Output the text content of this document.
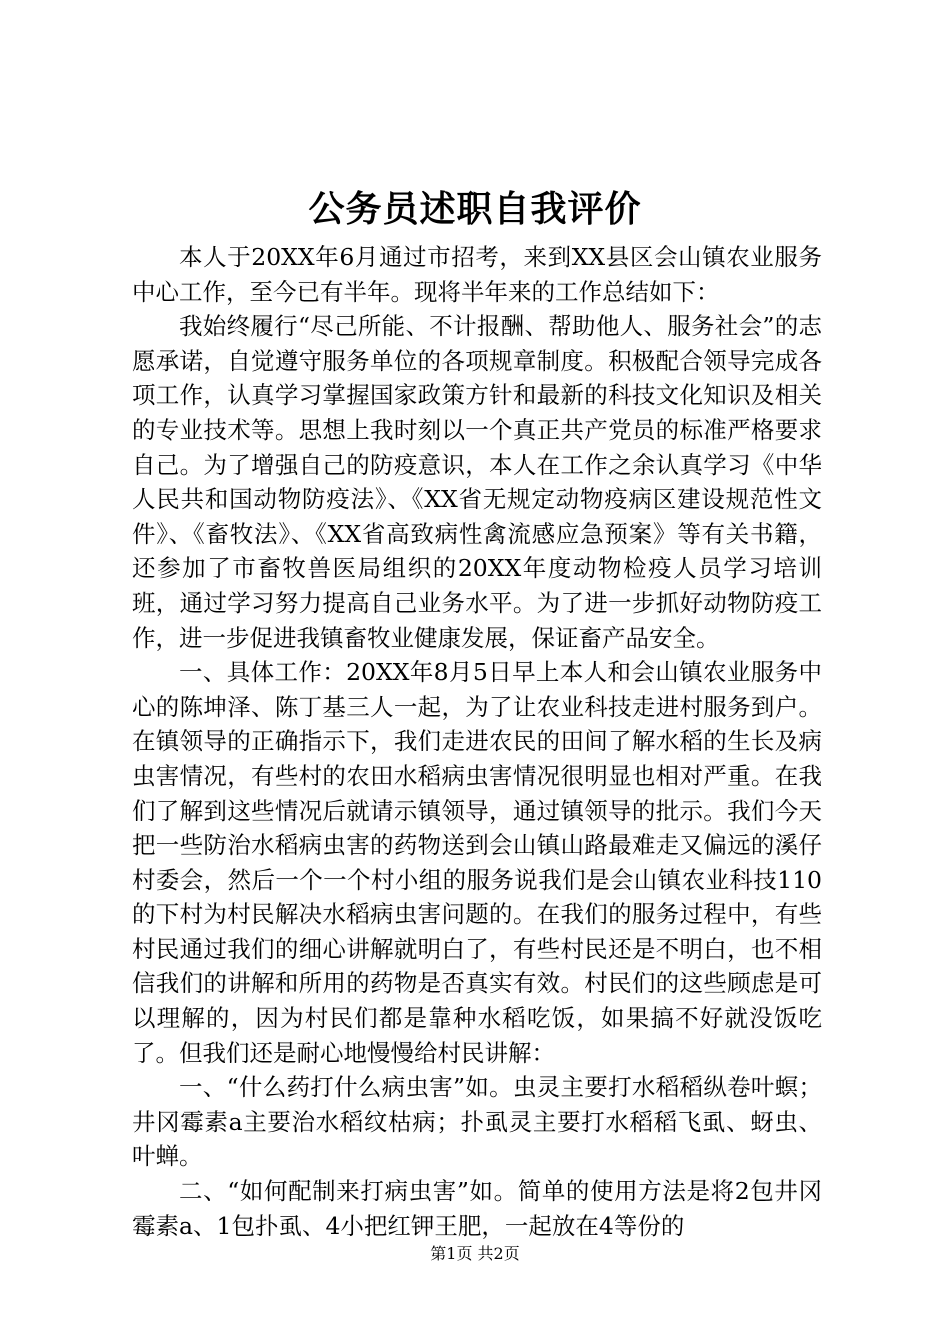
公务员述职自我评价

本人于20XX年6月通过市招考，来到XX县区会山镇农业服务中心工作，至今已有半年。现将半年来的工作总结如下：

我始终履行“尽己所能、不计报酬、帮助他人、服务社会”的志愿承诺，自觉遵守服务单位的各项规章制度。积极配合领导完成各项工作，认真学习掌握国家政策方针和最新的科技文化知识及相关的专业技术等。思想上我时刻以一个真正共产党员的标准严格要求自己。为了增强自己的防疫意识，本人在工作之余认真学习《中华人民共和国动物防疫法》、《XX省无规定动物疫病区建设规范性文件》、《畜牧法》、《XX省高致病性禽流感应急预案》等有关书籍，还参加了市畜牧兽医局组织的20XX年度动物检疫人员学习培训班，通过学习努力提高自己业务水平。为了进一步抓好动物防疫工作，进一步促进我镇畜牧业健康发展，保证畜产品安全。

一、具体工作：20XX年8月5日早上本人和会山镇农业服务中心的陈坤泽、陈丁基三人一起，为了让农业科技走进村服务到户。在镇领导的正确指示下，我们走进农民的田间了解水稻的生长及病虫害情况，有些村的农田水稻病虫害情况很明显也相对严重。在我们了解到这些情况后就请示镇领导，通过镇领导的批示。我们今天把一些防治水稻病虫害的药物送到会山镇山路最难走又偏远的溪仔村委会，然后一个一个村小组的服务说我们是会山镇农业科技110的下村为村民解决水稻病虫害问题的。在我们的服务过程中，有些村民通过我们的细心讲解就明白了，有些村民还是不明白，也不相信我们的讲解和所用的药物是否真实有效。村民们的这些顾虑是可以理解的，因为村民们都是靠种水稻吃饭，如果搞不好就没饭吃了。但我们还是耐心地慢慢给村民讲解：

一、“什么药打什么病虫害”如。虫灵主要打水稻稻纵卷叶螟；井冈霉素a主要治水稻纹枯病；扑虱灵主要打水稻稻飞虱、蚜虫、叶蝉。

二、“如何配制来打病虫害”如。简单的使用方法是将2包井冈霉素a、1包扑虱、4小把红钾王肥，一起放在4等份的

第1页 共2页
